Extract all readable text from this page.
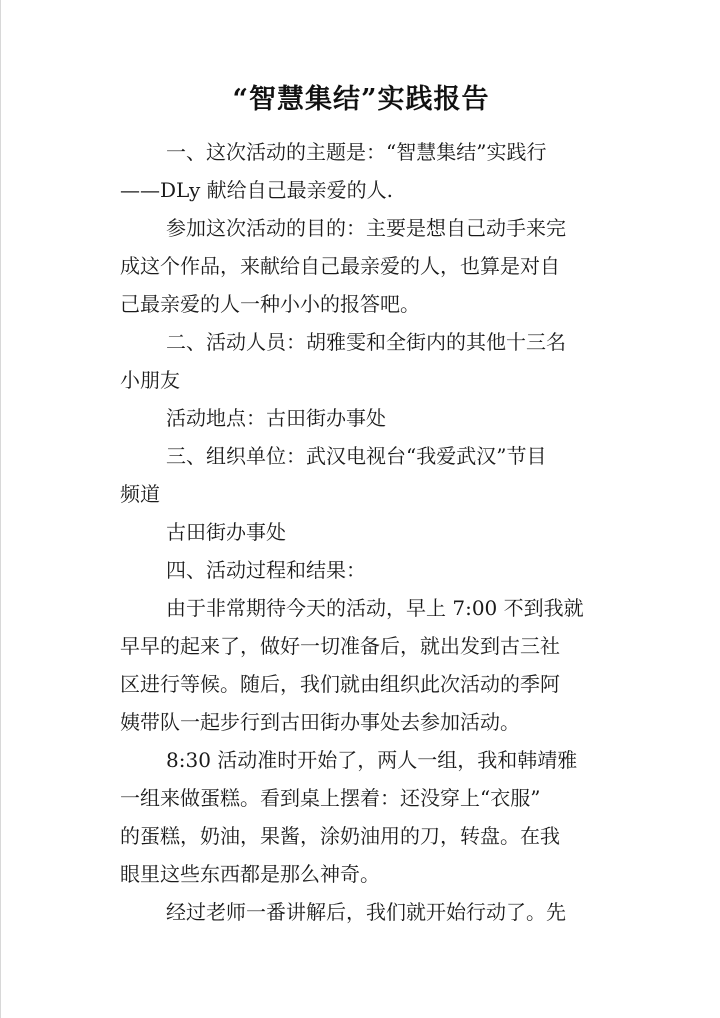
“智慧集结”实践报告
一、这次活动的主题是：“智慧集结”实践行
——DLy 献给自己最亲爱的人.
参加这次活动的目的：主要是想自己动手来完
成这个作品，来献给自己最亲爱的人，也算是对自
己最亲爱的人一种小小的报答吧。
二、活动人员：胡雅雯和全街内的其他十三名
小朋友
活动地点：古田街办事处
三、组织单位：武汉电视台“我爱武汉”节目
频道
古田街办事处
四、活动过程和结果：
由于非常期待今天的活动，早上 7:00 不到我就
早早的起来了，做好一切准备后，就出发到古三社
区进行等候。随后，我们就由组织此次活动的季阿
姨带队一起步行到古田街办事处去参加活动。
8:30 活动准时开始了，两人一组，我和韩靖雅
一组来做蛋糕。看到桌上摆着：还没穿上“衣服”
的蛋糕，奶油，果酱，涂奶油用的刀，转盘。在我
眼里这些东西都是那么神奇。
经过老师一番讲解后，我们就开始行动了。先
